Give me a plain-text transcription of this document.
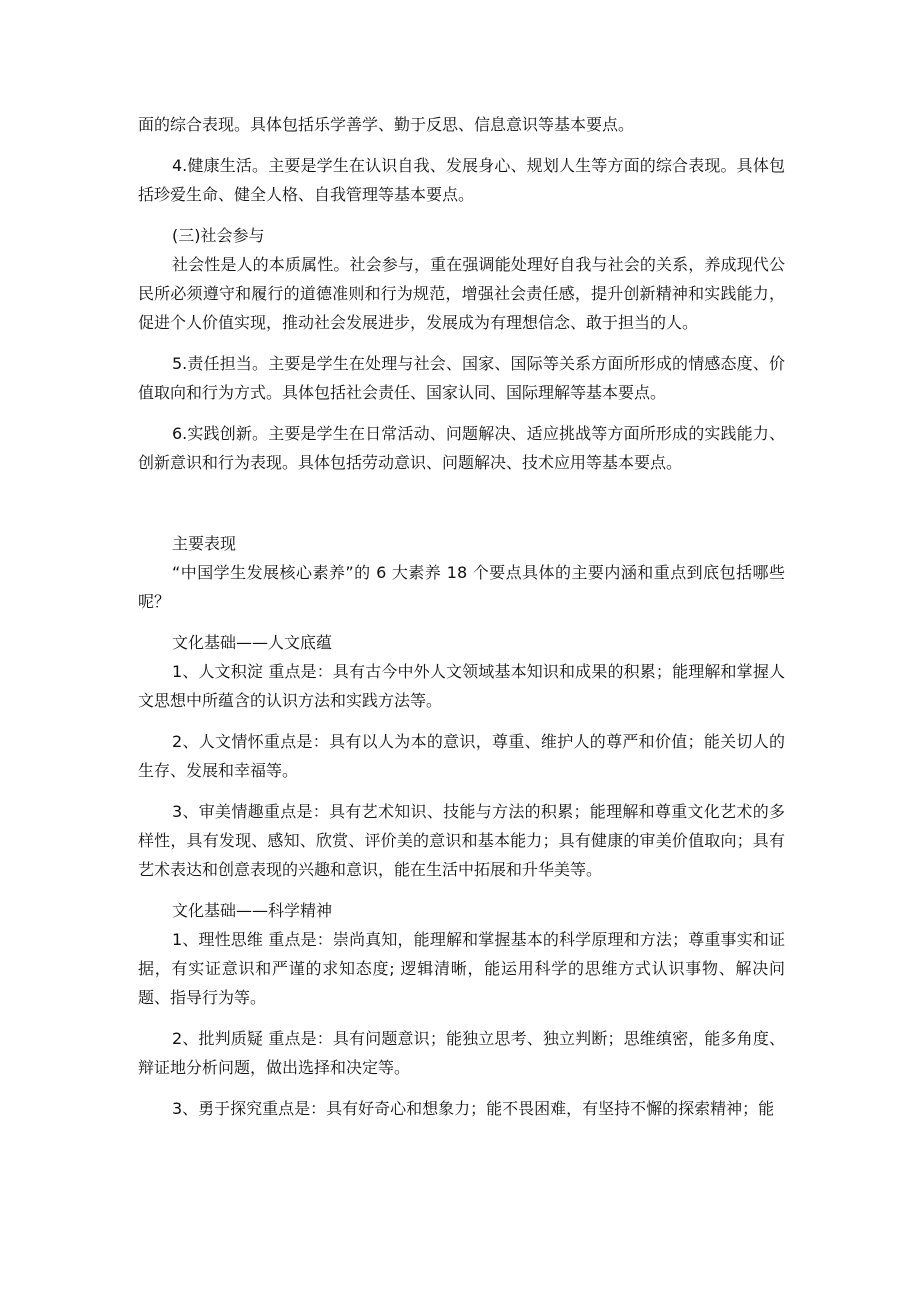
面的综合表现。具体包括乐学善学、勤于反思、信息意识等基本要点。

4.健康生活。主要是学生在认识自我、发展身心、规划人生等方面的综合表现。具体包括珍爱生命、健全人格、自我管理等基本要点。

(三)社会参与

社会性是人的本质属性。社会参与，重在强调能处理好自我与社会的关系，养成现代公民所必须遵守和履行的道德准则和行为规范，增强社会责任感，提升创新精神和实践能力，促进个人价值实现，推动社会发展进步，发展成为有理想信念、敢于担当的人。

5.责任担当。主要是学生在处理与社会、国家、国际等关系方面所形成的情感态度、价值取向和行为方式。具体包括社会责任、国家认同、国际理解等基本要点。

6.实践创新。主要是学生在日常活动、问题解决、适应挑战等方面所形成的实践能力、创新意识和行为表现。具体包括劳动意识、问题解决、技术应用等基本要点。

主要表现

“中国学生发展核心素养”的 6 大素养 18 个要点具体的主要内涵和重点到底包括哪些呢？

文化基础——人文底蕴

1、人文积淀 重点是：具有古今中外人文领域基本知识和成果的积累；能理解和掌握人文思想中所蕴含的认识方法和实践方法等。

2、人文情怀重点是：具有以人为本的意识，尊重、维护人的尊严和价值；能关切人的生存、发展和幸福等。

3、审美情趣重点是：具有艺术知识、技能与方法的积累；能理解和尊重文化艺术的多样性，具有发现、感知、欣赏、评价美的意识和基本能力；具有健康的审美价值取向；具有艺术表达和创意表现的兴趣和意识，能在生活中拓展和升华美等。

文化基础——科学精神

1、理性思维 重点是：崇尚真知，能理解和掌握基本的科学原理和方法；尊重事实和证据，有实证意识和严谨的求知态度; 逻辑清晰，能运用科学的思维方式认识事物、解决问题、指导行为等。

2、批判质疑 重点是：具有问题意识；能独立思考、独立判断；思维缜密，能多角度、辩证地分析问题，做出选择和决定等。

3、勇于探究重点是：具有好奇心和想象力；能不畏困难，有坚持不懈的探索精神；能
